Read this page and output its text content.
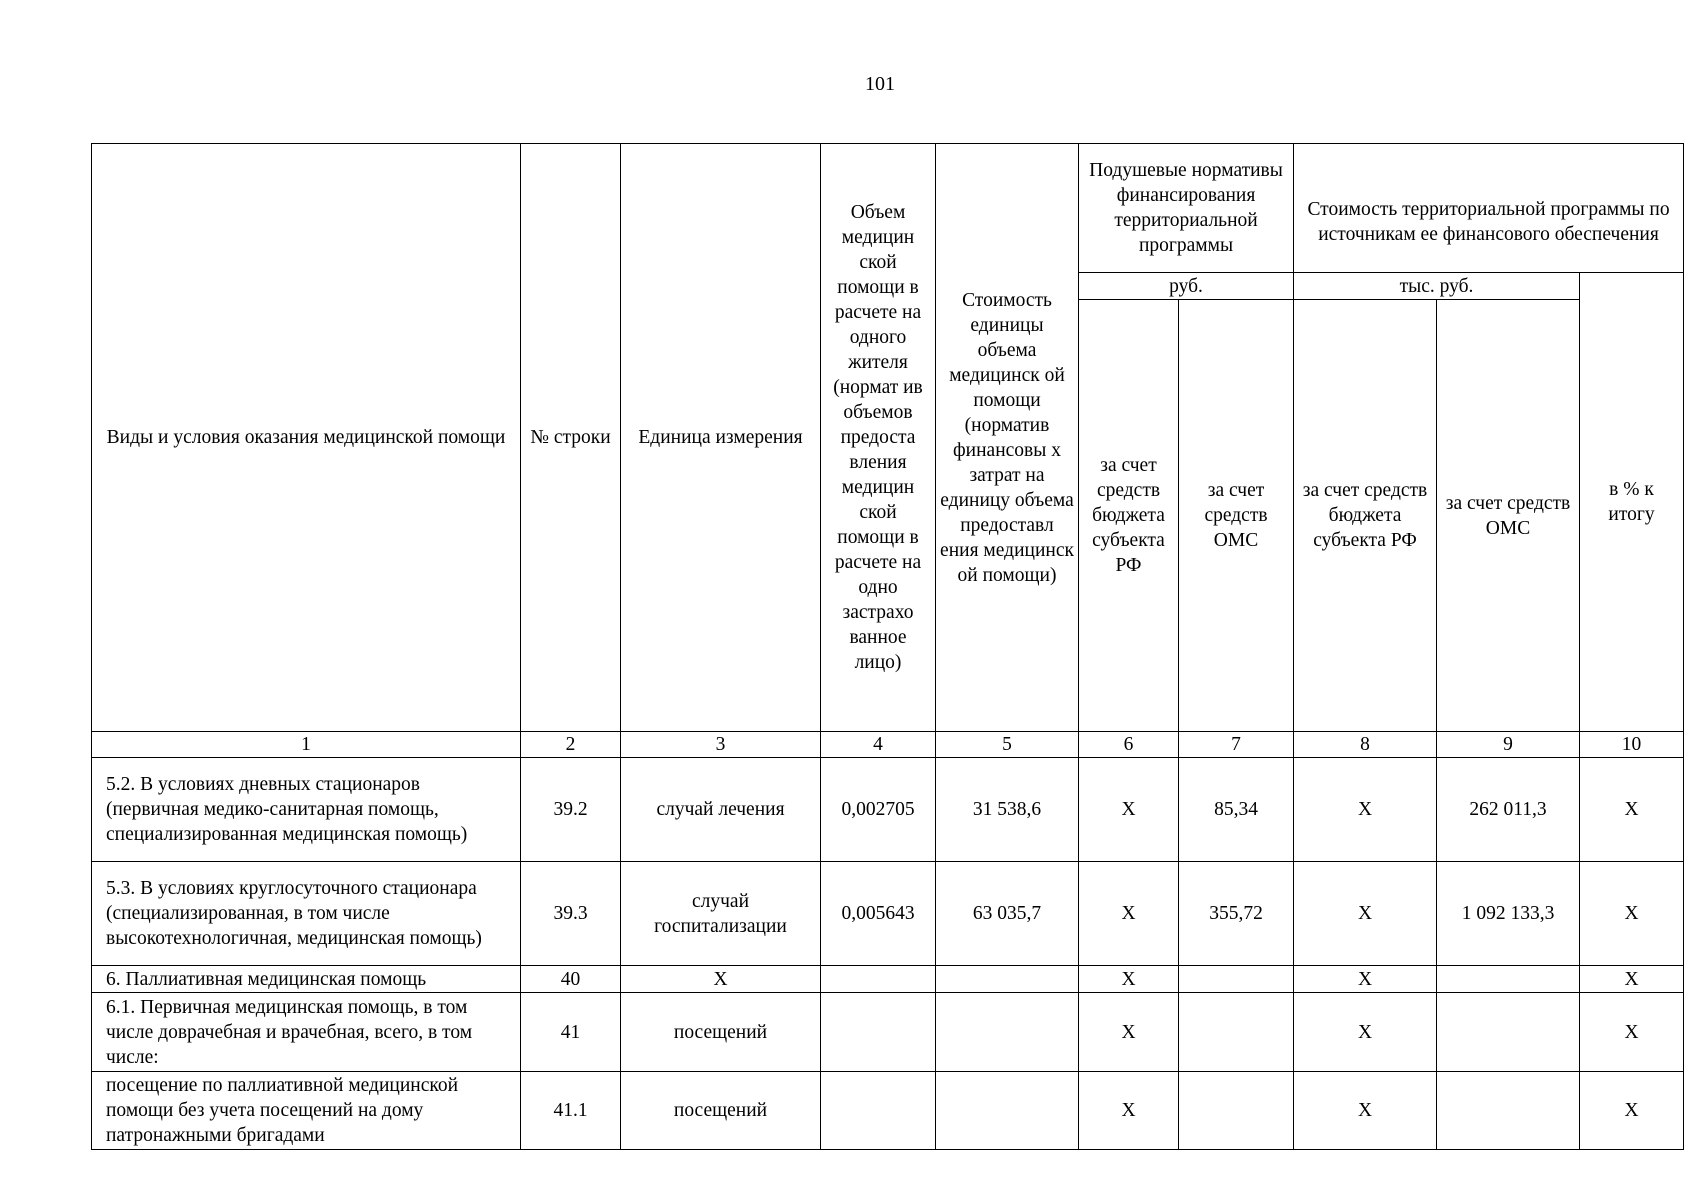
101
Виды и условия оказания медицинской помощи	№ строки	Единица измерения	Объем медицин ской помощи в расчете на одного жителя (нормат ив объемов предоста вления медицин ской помощи в расчете на одно застрахо ванное лицо)	Стоимость единицы объема медицинск ой помощи (норматив финансовы х затрат на единицу объема предоставл ения медицинск ой помощи)	Подушевые нормативы финансирования территориальной программы		Стоимость территориальной программы по источникам ее финансового обеспечения		
					руб.		тыс. руб.		в % к итогу
					за счет средств бюджета субъекта РФ	за счет средств ОМС	за счет средств бюджета субъекта РФ	за счет средств ОМС	
1	2	3	4	5	6	7	8	9	10
5.2. В условиях дневных стационаров (первичная медико-санитарная помощь, специализированная медицинская помощь)	39.2	случай лечения	0,002705	31 538,6	Х	85,34	Х	262 011,3	Х
5.3. В условиях круглосуточного стационара (специализированная, в том числе высокотехнологичная, медицинская помощь)	39.3	случай госпитализации	0,005643	63 035,7	Х	355,72	Х	1 092 133,3	Х
6. Паллиативная медицинская помощь	40	Х			Х		Х		Х
6.1. Первичная медицинская помощь, в том числе доврачебная и врачебная, всего, в том числе:	41	посещений			Х		Х		Х
посещение по паллиативной медицинской помощи без учета посещений на дому патронажными бригадами	41.1	посещений			Х		Х		Х
